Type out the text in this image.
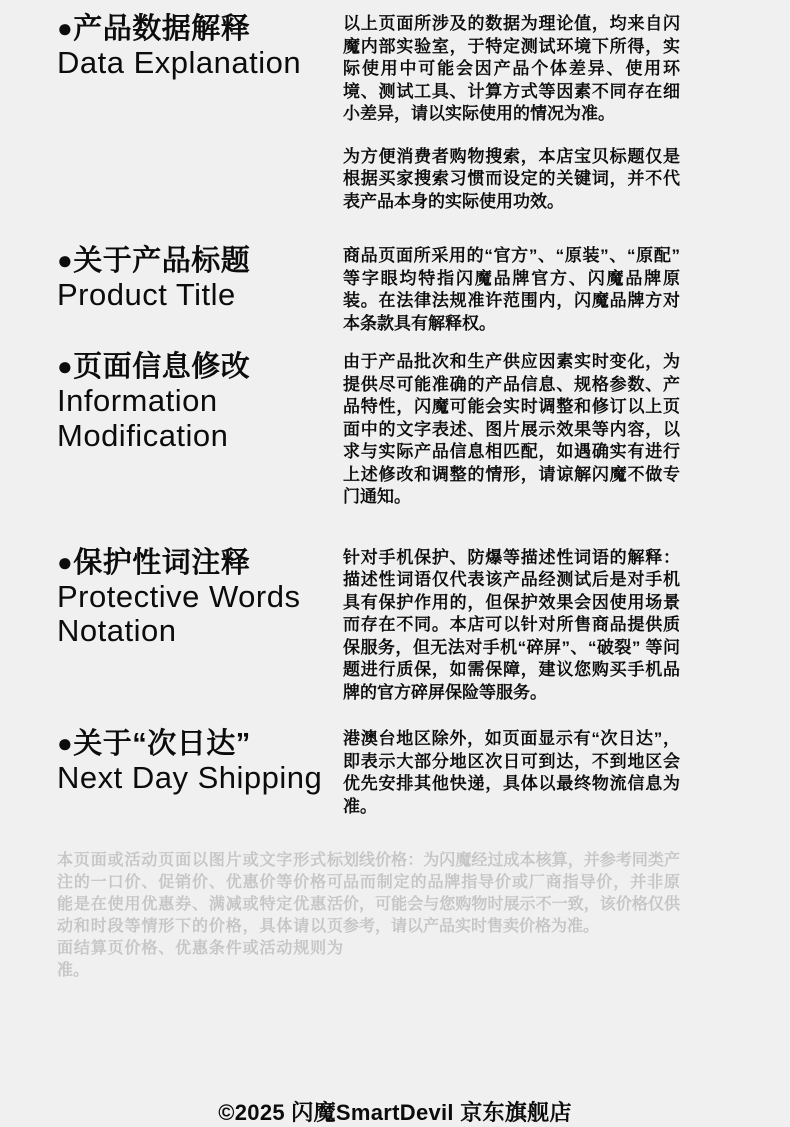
●产品数据解释
Data Explanation

以上页面所涉及的数据为理论值，均来自闪魔内部实验室，于特定测试环境下所得，实际使用中可能会因产品个体差异、使用环境、测试工具、计算方式等因素不同存在细小差异，请以实际使用的情况为准。

为方便消费者购物搜索，本店宝贝标题仅是根据买家搜索习惯而设定的关键词，并不代表产品本身的实际使用功效。

●关于产品标题
Product Title

商品页面所采用的“官方”、“原装”、“原配”等字眼均特指闪魔品牌官方、闪魔品牌原装。在法律法规准许范围内，闪魔品牌方对本条款具有解释权。

●页面信息修改
Information Modification

由于产品批次和生产供应因素实时变化，为提供尽可能准确的产品信息、规格参数、产品特性，闪魔可能会实时调整和修订以上页面中的文字表述、图片展示效果等内容，以求与实际产品信息相匹配，如遇确实有进行上述修改和调整的情形，请谅解闪魔不做专门通知。

●保护性词注释
Protective Words Notation

针对手机保护、防爆等描述性词语的解释：描述性词语仅代表该产品经测试后是对手机具有保护作用的，但保护效果会因使用场景而存在不同。本店可以针对所售商品提供质保服务，但无法对手机“碎屏”、“破裂” 等问题进行质保，如需保障，建议您购买手机品牌的官方碎屏保险等服务。

●关于“次日达”
Next Day Shipping

港澳台地区除外，如页面显示有“次日达”，即表示大部分地区次日可到达，不到地区会优先安排其他快递，具体以最终物流信息为准。

本页面或活动页面以图片或文字形式标注的一口价、促销价、优惠价等价格可能是在使用优惠券、满减或特定优惠活动和时段等情形下的价格，具体请以页面结算页价格、优惠条件或活动规则为准。

划线价格：为闪魔经过成本核算，并参考同类产品而制定的品牌指导价或厂商指导价，并非原价，可能会与您购物时展示不一致，该价格仅供参考，请以产品实时售卖价格为准。

©2025 闪魔SmartDevil 京东旗舰店
